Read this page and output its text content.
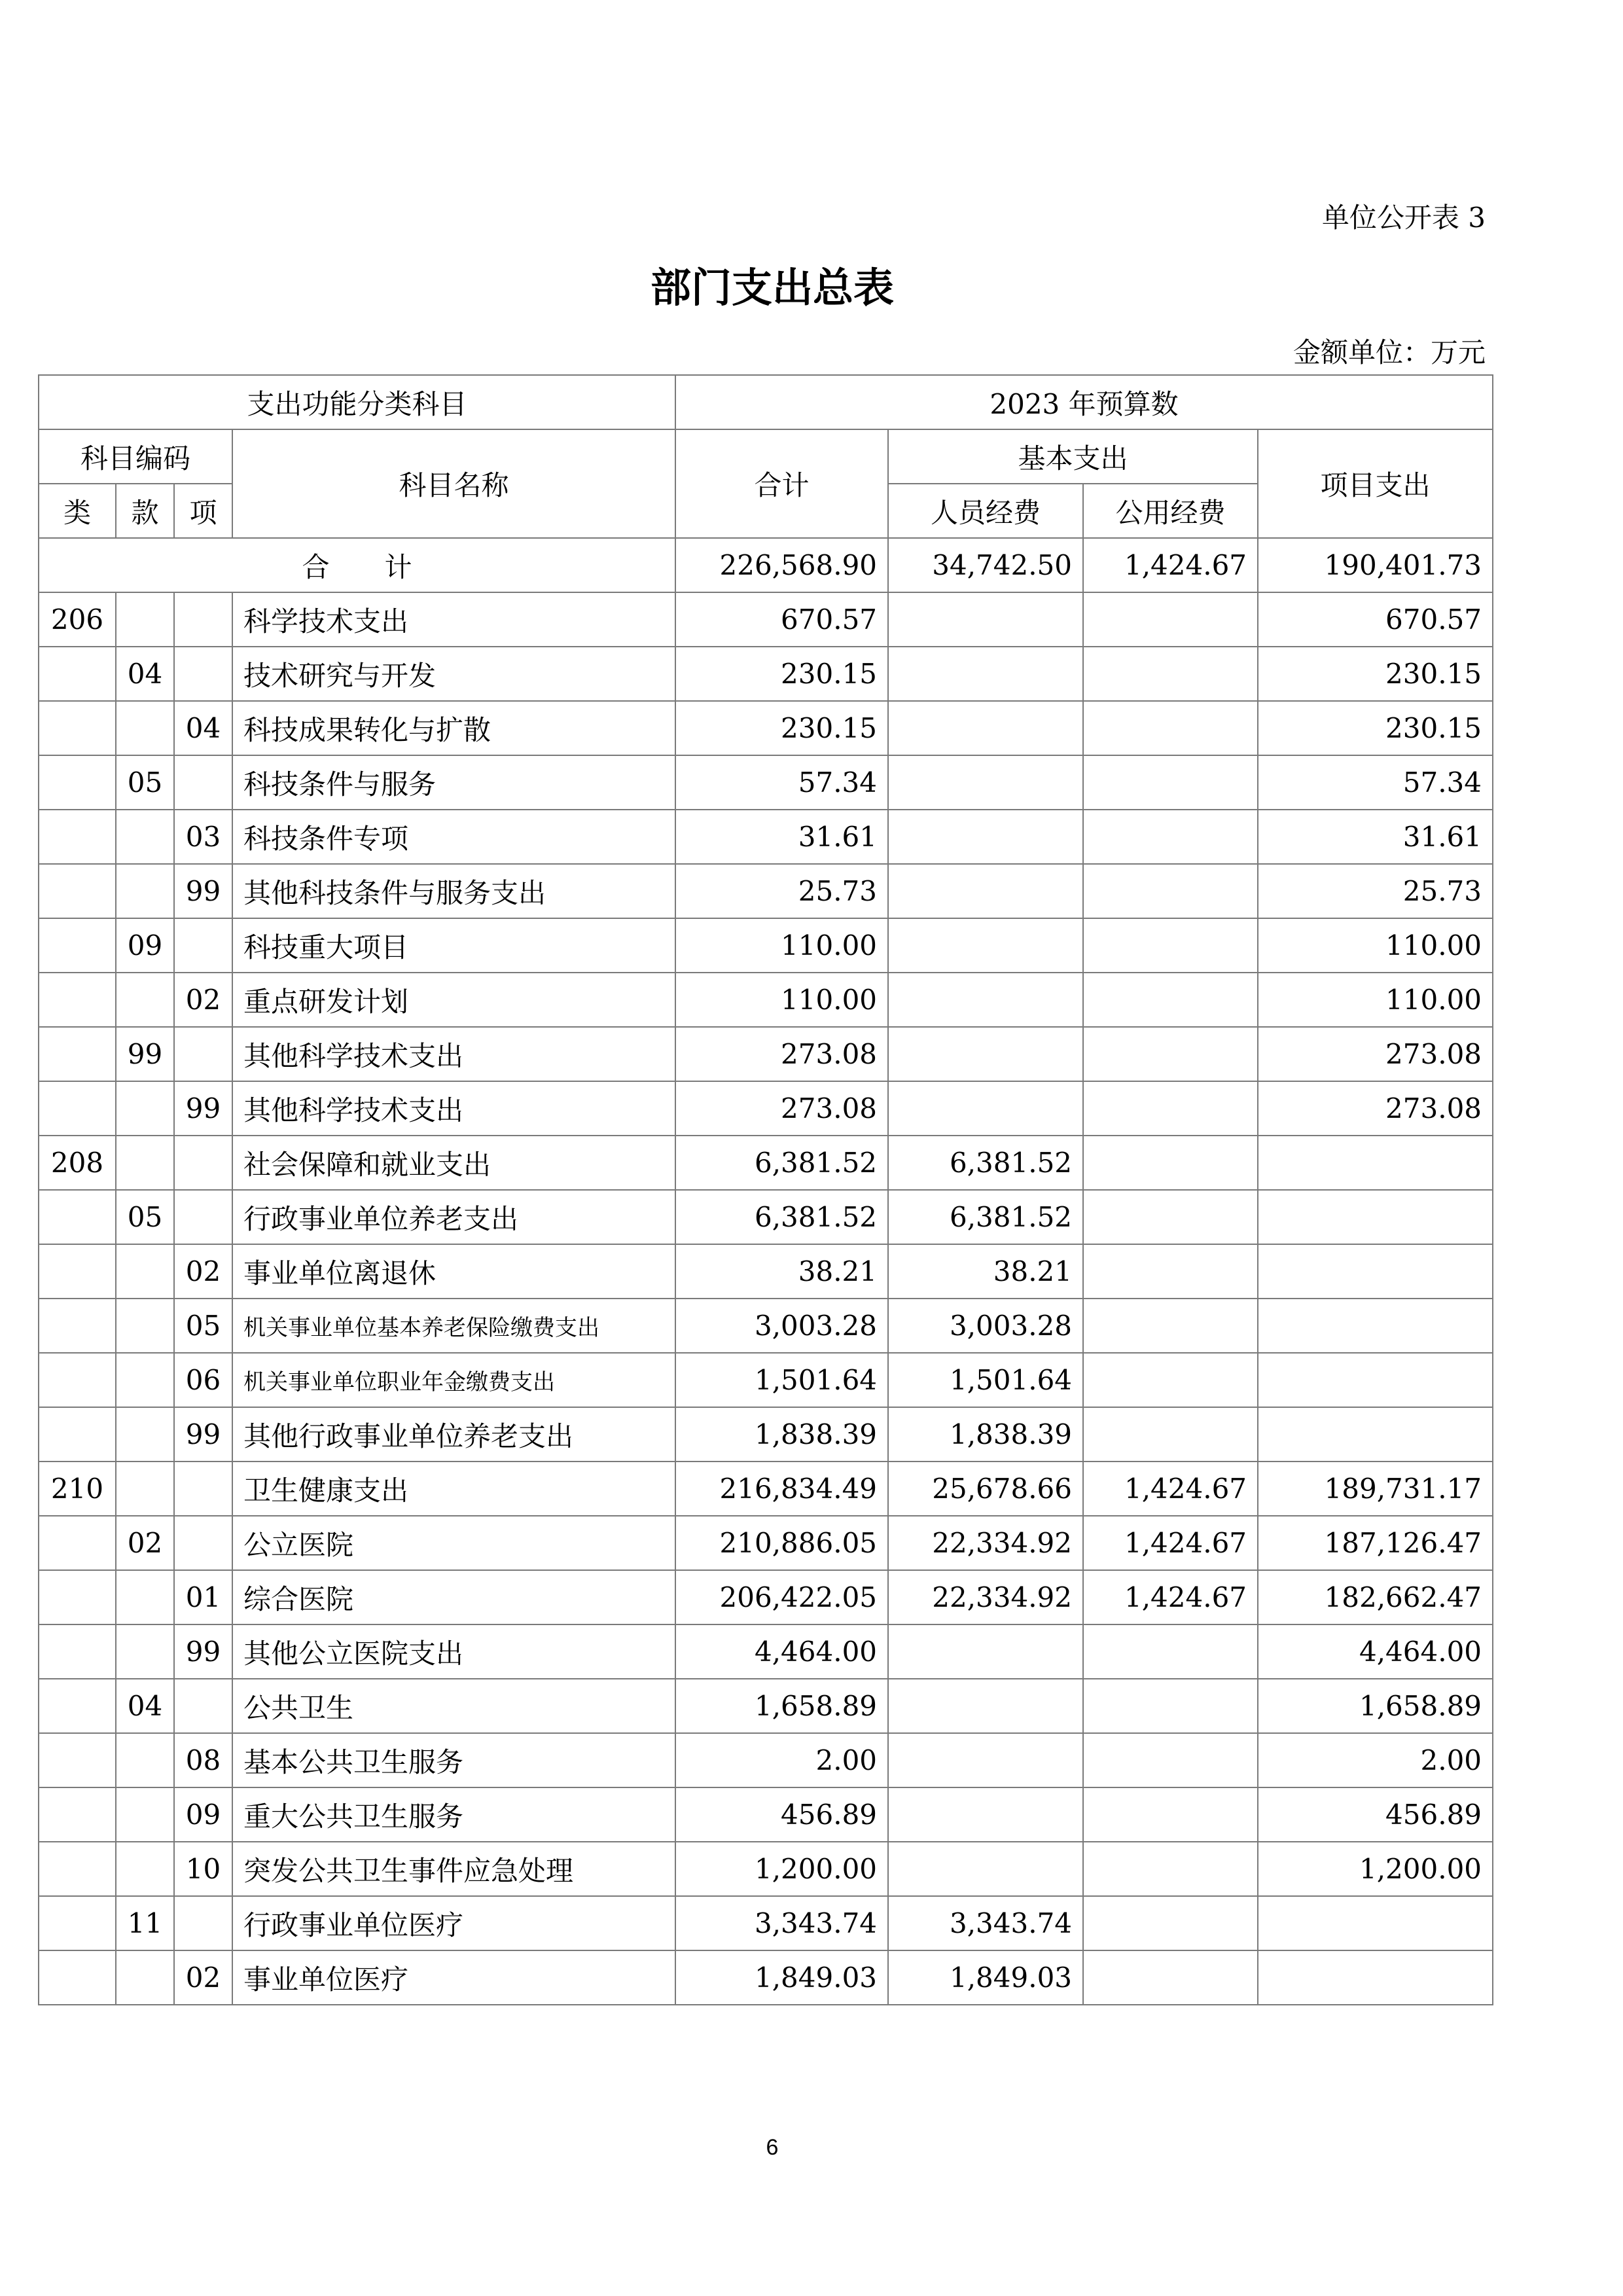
单位公开表 3
部门支出总表
金额单位：万元
支出功能分类科目				2023 年预算数			
科目编码			科目名称	合计	基本支出		项目支出
类	款	项			人员经费	公用经费	
合　　计				226,568.90	34,742.50	1,424.67	190,401.73
206			科学技术支出	670.57			670.57
	04		技术研究与开发	230.15			230.15
		04	科技成果转化与扩散	230.15			230.15
	05		科技条件与服务	57.34			57.34
		03	科技条件专项	31.61			31.61
		99	其他科技条件与服务支出	25.73			25.73
	09		科技重大项目	110.00			110.00
		02	重点研发计划	110.00			110.00
	99		其他科学技术支出	273.08			273.08
		99	其他科学技术支出	273.08			273.08
208			社会保障和就业支出	6,381.52	6,381.52		
	05		行政事业单位养老支出	6,381.52	6,381.52		
		02	事业单位离退休	38.21	38.21		
		05	机关事业单位基本养老保险缴费支出	3,003.28	3,003.28		
		06	机关事业单位职业年金缴费支出	1,501.64	1,501.64		
		99	其他行政事业单位养老支出	1,838.39	1,838.39		
210			卫生健康支出	216,834.49	25,678.66	1,424.67	189,731.17
	02		公立医院	210,886.05	22,334.92	1,424.67	187,126.47
		01	综合医院	206,422.05	22,334.92	1,424.67	182,662.47
		99	其他公立医院支出	4,464.00			4,464.00
	04		公共卫生	1,658.89			1,658.89
		08	基本公共卫生服务	2.00			2.00
		09	重大公共卫生服务	456.89			456.89
		10	突发公共卫生事件应急处理	1,200.00			1,200.00
	11		行政事业单位医疗	3,343.74	3,343.74		
		02	事业单位医疗	1,849.03	1,849.03		
6
